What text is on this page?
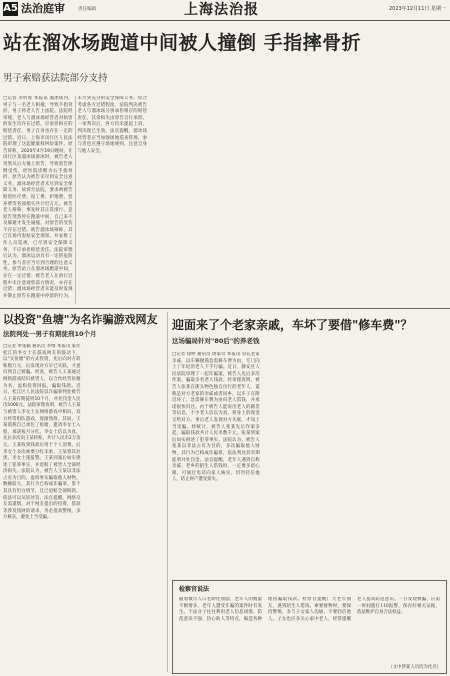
A5 法治庭审	责任编辑	上海法治报	2023年12月11日 星期一
站在溜冰场跑道中间被人撞倒 手指摔骨折
男子索赔获法院部分支持
□记者 李昕蓉 本报讯 溜冰场内，男子与一名老人相撞，导致手指骨折，男子将老人告上法院。法院经审理，老人与溜冰场经营者对损害的发生均存在过错，应承担相应的赔偿责任，男子自身也存在一定的过错。近日，上海市闵行区人民法院审理了这起健康权纠纷案件。原告诉称，2020年4月19日晚间，在闵行区某溜冰场滑冰时，被告老人突然从后方撞上原告，导致原告摔倒受伤，经医院诊断为右手指骨折。原告认为被告未尽到安全注意义务，溜冰场经营者未尽到安全保障义务，故诉至法院，要求两被告赔偿医疗费、误工费、护理费、营养费等各项损失共计近万元。被告老人辩称，事发时其正常滑行，是原告突然停在跑道中间，自己来不及躲避才发生碰撞，对原告的受伤不存在过错。被告溜冰场辩称，其已在场内张贴安全须知，并安排工作人员巡视，已尽到安全保障义务，不应承担赔偿责任。法院审理后认为，溜冰运动具有一定的危险性，参与者应当尽到合理的注意义务。原告站立在溜冰场跑道中间，存在一定过错；被告老人在滑行过程中未注意观察前方情况，亦存在过错；溜冰场经营者未能及时发现并制止原告在跑道中停留的行为，未尽到充分的安全保障义务。综合考虑各方过错程度，法院判决被告老人与溜冰场分别承担相应的赔偿责任，其余损失由原告自行承担。一审判决后，各方均未提起上诉，判决现已生效。法官提醒，溜冰场经营者应当加强场地巡查管理，参与者也应遵守场地规则，注意自身与他人安全。
以投资"鱼塘"为名诈骗游戏网友
法院判处一男子有期徒刑10个月
□记者 季张颖 通讯员 李维 本报讯 家住松江的李女士在游戏网友的鼓动下，以"买鱼塘"的方式投资，先后向对方转账数万元，后发现对方早已失联，才意识到自己被骗。经查，被告人王某通过网络游戏结识被害人，以合伙经营鱼塘为名，虚构投资回报，骗取钱款。近日，松江区人民法院以诈骗罪判处被告人王某有期徒刑10个月，并处罚金人民币5000元。法院审理查明，被告人王某与被害人李女士在网络游戏中相识，双方经常组队游戏，逐渐熟络。其间，王某谎称自己承包了鱼塘，邀请李女士入股，承诺按月分红。李女士信以为真，先后多次向王某转账，共计人民币2万余元。王某收到钱款后用于个人消费。后李女士多次索要分红未果，王某将其拉黑，李女士遂报警。王某到案后如实供述了犯罪事实，并退赔了被害人全部经济损失。法院认为，被告人王某以非法占有为目的，虚构事实骗取他人财物，数额较大，其行为已构成诈骗罪。鉴于其具有坦白情节，且已退赔全部赃款，依法可以从轻处罚。法官提醒，网络交友需谨慎，对于网友提出的投资、借款等涉及钱财的请求，务必提高警惕，多方核实，避免上当受骗。
迎面来了个老家亲戚，车坏了要借"修车费"？
这场骗局针对"80后"的养老钱
□记者 徐婷 通讯员 周家奇 本报讯 冒充老家亲戚，以车辆抛锚急需修车费为由，专门向上了年纪的老人下手行骗。近日，静安区人民法院审理了一起诈骗案，被告人先后多次作案，骗取多名老人钱款。经审理查明，被告人张某在街头物色独自出行的老年人，谎称是对方老家的亲戚或者同乡，以车子在附近坏了、急需修车费为由向老人借钱，并承诺很快归还。由于被告人能说出老人的籍贯等信息，不少老人信以为真，将身上的现金交给对方。事后老人发现对方失联，才知上当受骗。经统计，被告人张某先后作案多起，骗取钱款共计人民币数千元。张某到案后如实供述了犯罪事实。法院认为，被告人张某以非法占有为目的，多次骗取他人财物，其行为已构成诈骗罪，依法判处其有期徒刑并处罚金。法官提醒，老年人遇到自称亲戚、老乡的陌生人借钱时，一定要多留心眼，可通过电话向家人核实，切勿轻信他人，防止财产遭受损失。
检察官说法
随着城市人口老龄化加剧，老年人的数量不断增多，老年人遭受诈骗的案件时有发生。不法分子往往利用老人信息闭塞、防范意识不强、热心助人等特点，编造各种理由骗取钱款。检察官提醒广大老年朋友，遇到陌生人借钱、索要财物时，要保持警惕，多与子女家人沟通，不要轻信他人。子女也应多关心家中老人，经常提醒老人提高防范意识。一旦发现被骗，应第一时间拨打110报警，保存好相关证据，依法维护自身合法权益。
（文中涉案人员均为化名）
